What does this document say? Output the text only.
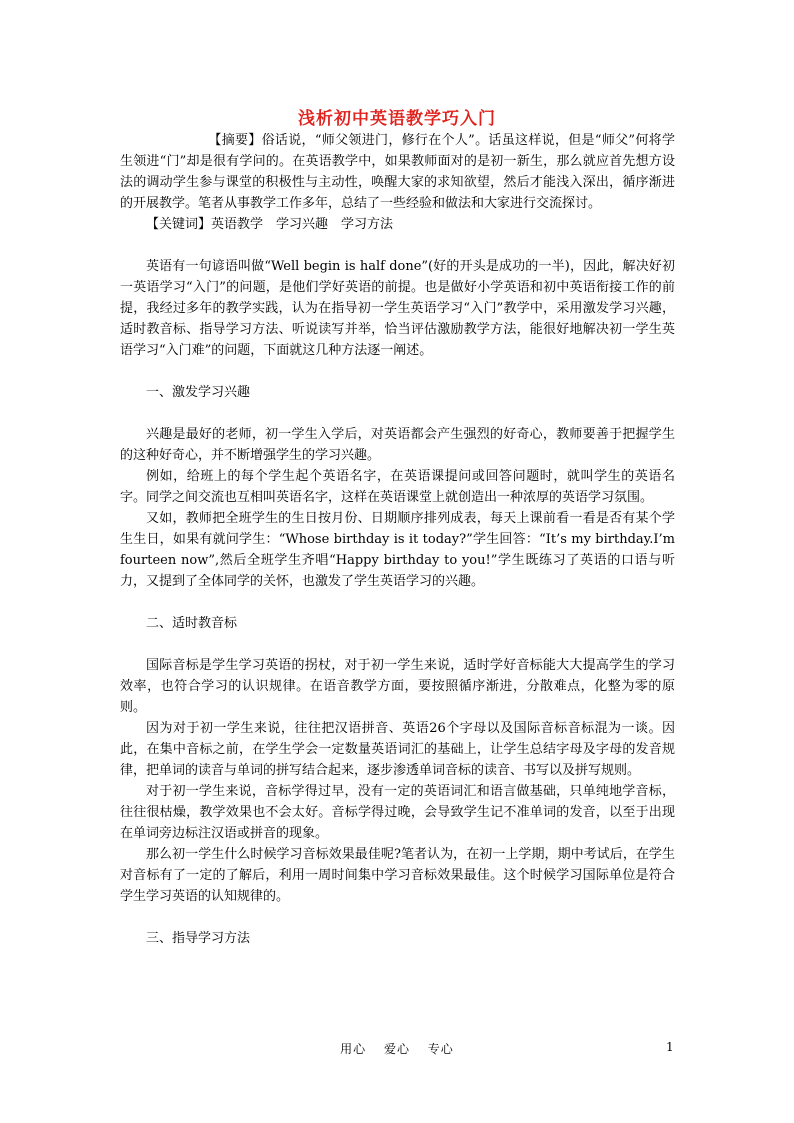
浅析初中英语教学巧入门

【摘要】俗话说，“师父领进门，修行在个人”。话虽这样说，但是“师父”何将学生领进“门”却是很有学问的。在英语教学中，如果教师面对的是初一新生，那么就应首先想方设法的调动学生参与课堂的积极性与主动性，唤醒大家的求知欲望，然后才能浅入深出，循序渐进的开展教学。笔者从事教学工作多年，总结了一些经验和做法和大家进行交流探讨。

【关键词】英语教学　学习兴趣　学习方法

英语有一句谚语叫做“Well begin is half done”(好的开头是成功的一半)，因此，解决好初一英语学习“入门”的问题，是他们学好英语的前提。也是做好小学英语和初中英语衔接工作的前提，我经过多年的教学实践，认为在指导初一学生英语学习“入门”教学中，采用激发学习兴趣，适时教音标、指导学习方法、听说读写并举，恰当评估激励教学方法，能很好地解决初一学生英语学习“入门难”的问题，下面就这几种方法逐一阐述。

一、激发学习兴趣

兴趣是最好的老师，初一学生入学后，对英语都会产生强烈的好奇心，教师要善于把握学生的这种好奇心，并不断增强学生的学习兴趣。

例如，给班上的每个学生起个英语名字，在英语课提问或回答问题时，就叫学生的英语名字。同学之间交流也互相叫英语名字，这样在英语课堂上就创造出一种浓厚的英语学习氛围。

又如，教师把全班学生的生日按月份、日期顺序排列成表，每天上课前看一看是否有某个学生生日，如果有就问学生：“Whose birthday is it today?”学生回答：“It’s my birthday.I’m fourteen now”,然后全班学生齐唱“Happy birthday to you!”学生既练习了英语的口语与听力，又提到了全体同学的关怀，也激发了学生英语学习的兴趣。

二、适时教音标

国际音标是学生学习英语的拐杖，对于初一学生来说，适时学好音标能大大提高学生的学习效率，也符合学习的认识规律。在语音教学方面，要按照循序渐进，分散难点，化整为零的原则。

因为对于初一学生来说，往往把汉语拼音、英语26个字母以及国际音标音标混为一谈。因此，在集中音标之前，在学生学会一定数量英语词汇的基础上，让学生总结字母及字母的发音规律，把单词的读音与单词的拼写结合起来，逐步渗透单词音标的读音、书写以及拼写规则。

对于初一学生来说，音标学得过早，没有一定的英语词汇和语言做基础，只单纯地学音标，往往很枯燥，教学效果也不会太好。音标学得过晚，会导致学生记不准单词的发音，以至于出现在单词旁边标注汉语或拼音的现象。

那么初一学生什么时候学习音标效果最佳呢?笔者认为，在初一上学期，期中考试后，在学生对音标有了一定的了解后，利用一周时间集中学习音标效果最佳。这个时候学习国际单位是符合学生学习英语的认知规律的。

三、指导学习方法

用心　 爱心　 专心	1
